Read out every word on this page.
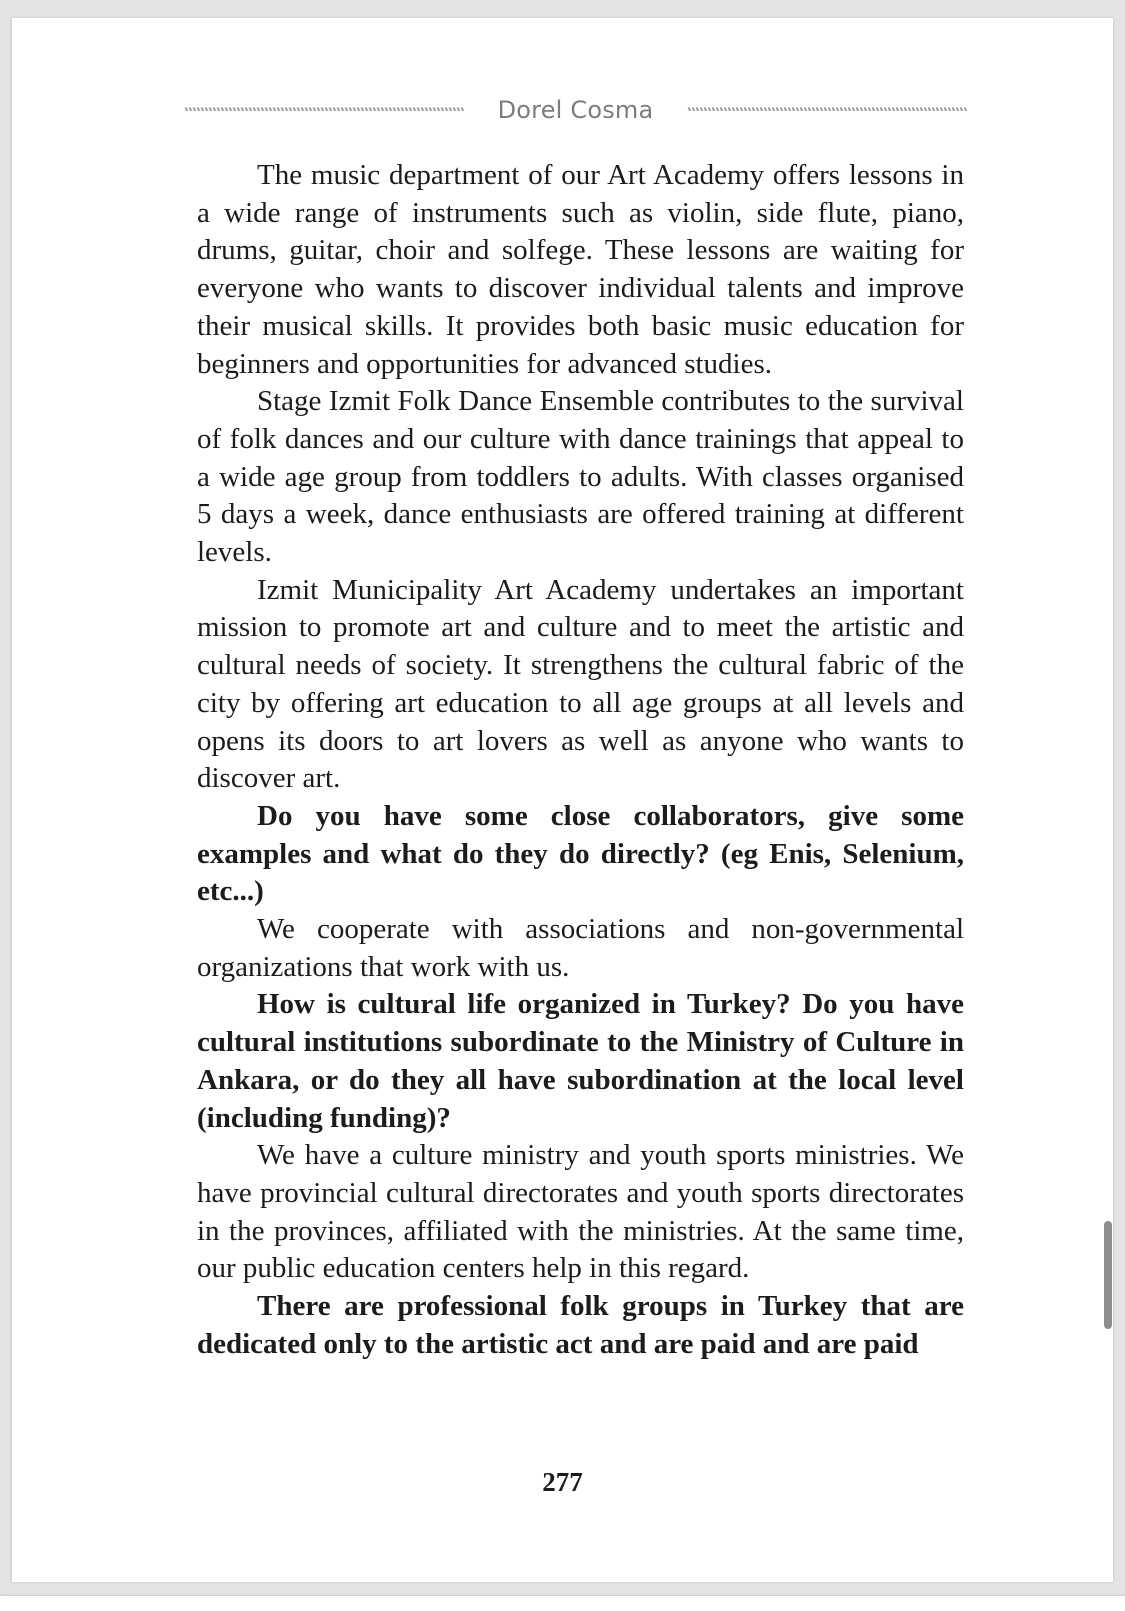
Dorel Cosma

The music department of our Art Academy offers lessons in a wide range of instruments such as violin, side flute, piano, drums, guitar, choir and solfege. These lessons are waiting for everyone who wants to discover individual talents and improve their musical skills. It provides both basic music education for beginners and opportunities for advanced studies.

Stage Izmit Folk Dance Ensemble contributes to the survival of folk dances and our culture with dance trainings that appeal to a wide age group from toddlers to adults. With classes organised 5 days a week, dance enthusiasts are offered training at different levels.

Izmit Municipality Art Academy undertakes an important mission to promote art and culture and to meet the artistic and cultural needs of society. It strengthens the cultural fabric of the city by offering art education to all age groups at all levels and opens its doors to art lovers as well as anyone who wants to discover art.

Do you have some close collaborators, give some examples and what do they do directly? (eg Enis, Selenium, etc...)

We cooperate with associations and non-governmental organizations that work with us.

How is cultural life organized in Turkey? Do you have cultural institutions subordinate to the Ministry of Culture in Ankara, or do they all have subordination at the local level (including funding)?

We have a culture ministry and youth sports ministries. We have provincial cultural directorates and youth sports directorates in the provinces, affiliated with the ministries. At the same time, our public education centers help in this regard.

There are professional folk groups in Turkey that are dedicated only to the artistic act and are paid and are paid

277
